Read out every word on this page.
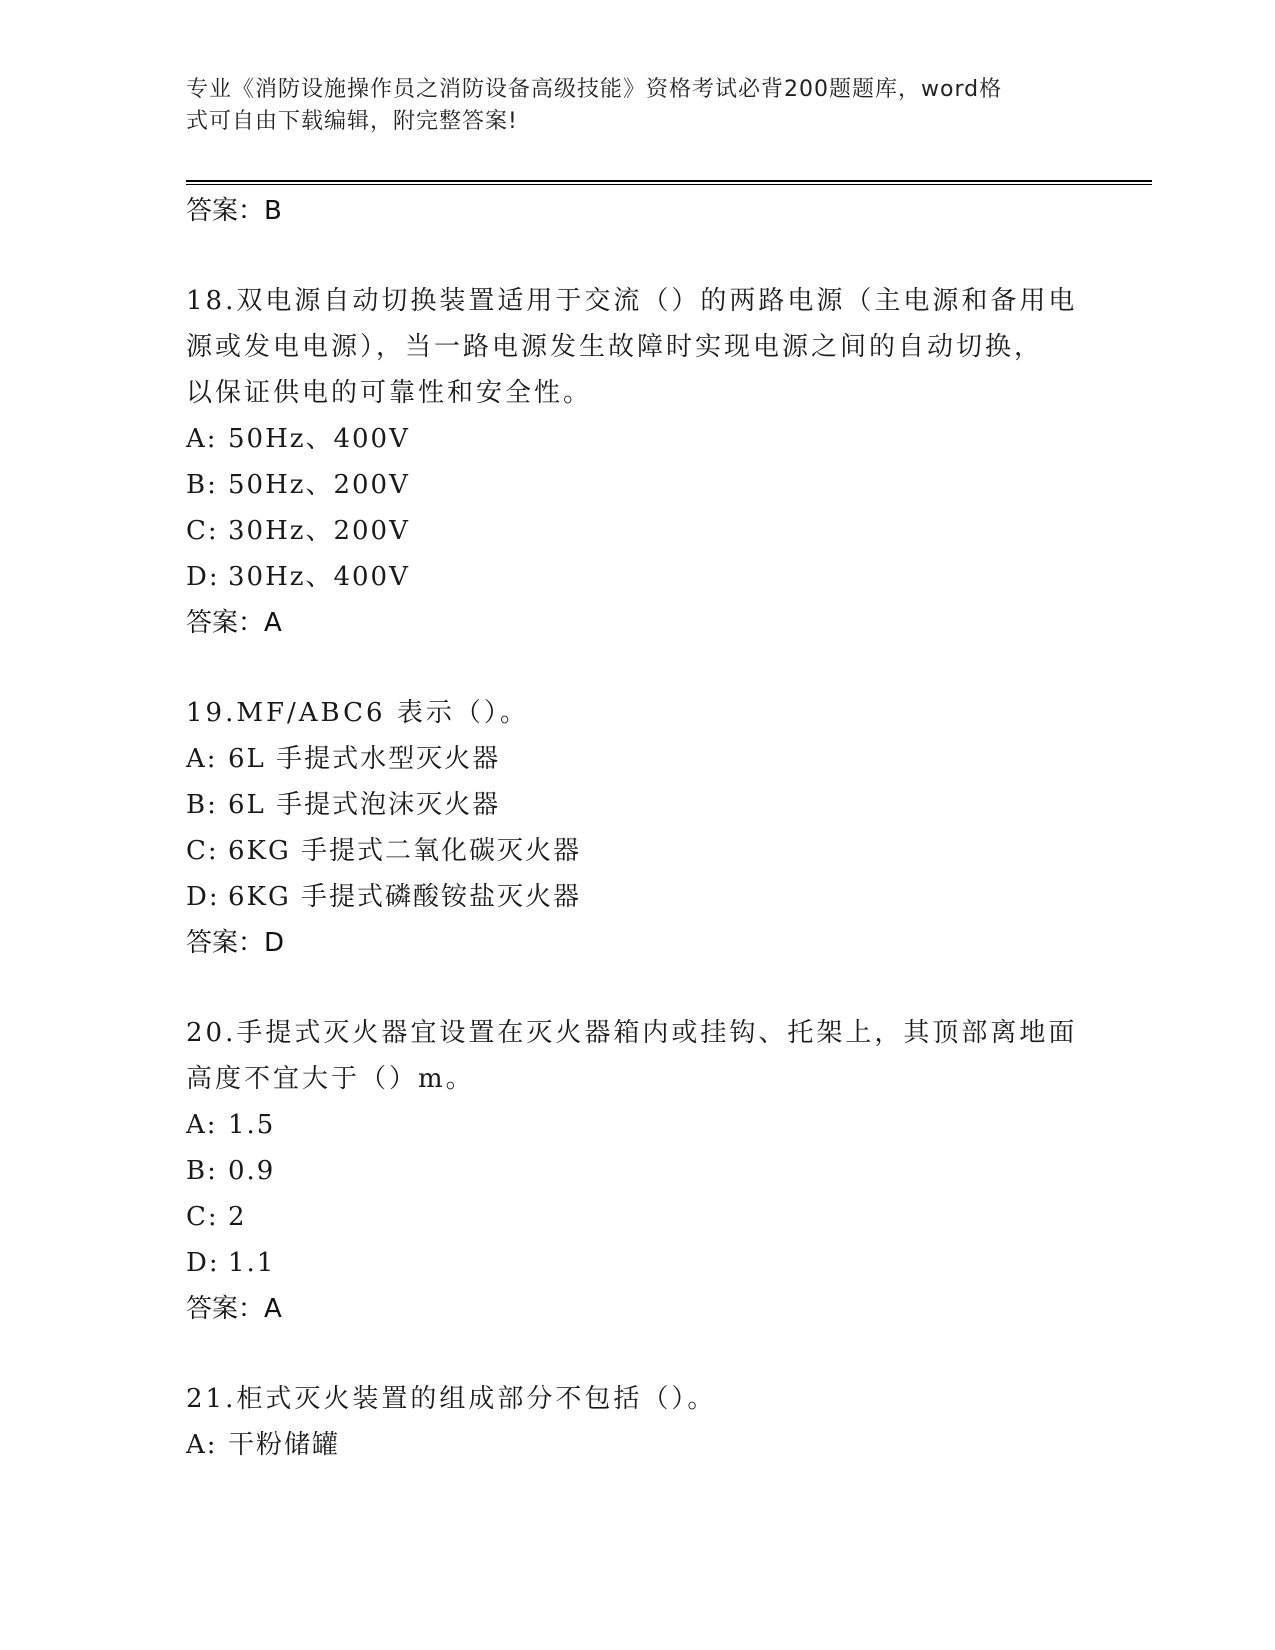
专业《消防设施操作员之消防设备高级技能》资格考试必背200题题库，word格
式可自由下载编辑，附完整答案!
答案：B
18.双电源自动切换装置适用于交流（）的两路电源（主电源和备用电
源或发电电源），当一路电源发生故障时实现电源之间的自动切换，
以保证供电的可靠性和安全性。
A: 50Hz、400V
B: 50Hz、200V
C: 30Hz、200V
D: 30Hz、400V
答案：A
19.MF/ABC6 表示（）。
A: 6L 手提式水型灭火器
B: 6L 手提式泡沫灭火器
C: 6KG 手提式二氧化碳灭火器
D: 6KG 手提式磷酸铵盐灭火器
答案：D
20.手提式灭火器宜设置在灭火器箱内或挂钩、托架上，其顶部离地面
高度不宜大于（）m。
A: 1.5
B: 0.9
C: 2
D: 1.1
答案：A
21.柜式灭火装置的组成部分不包括（）。
A: 干粉储罐
